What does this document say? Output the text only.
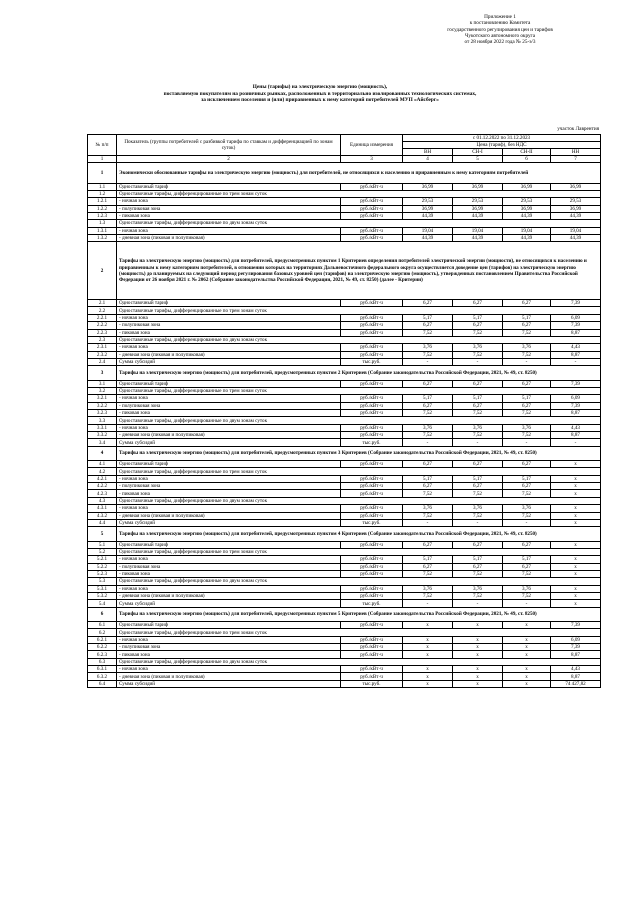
Приложение 1
к постановлению Комитета
государственного регулирования цен и тарифов
Чукотского автономного округа
от 28 ноября 2022 года № 25-э/3
Цены (тарифы) на электрическую энергию (мощность),
поставляемую покупателям на розничных рынках, расположенных в территориально изолированных технологических системах,
за исключением поселения и (или) приравненных к нему категорий потребителей МУП «Айсберг»
участок Лаврентия
№ п/п	Показатель (группы потребителей с разбивкой тарифа по ставкам и дифференциацией по зонам суток)	Единица измерения	с 01.12.2022 по 31.12.2023			
			Цена (тариф), без НДС			
			ВН	СН-I	СН-II	НН
1	2	3	4	5	6	7
1	Экономически обоснованные тарифы на электрическую энергию (мощность) для потребителей, не относящихся к населению и приравненным к нему категориям потребителей					
1.1	Одноставочный тариф	руб./кВт·ч	36,99	36,99	36,99	36,99
1.2	Одноставочные тарифы, дифференцированные по трем зонам суток					
1.2.1	- ночная зона	руб./кВт·ч	29,53	29,53	29,53	29,53
1.2.2	- полупиковая зона	руб./кВт·ч	36,99	36,99	36,99	36,99
1.2.3	- пиковая зона	руб./кВт·ч	44,39	44,39	44,39	44,39
1.3	Одноставочные тарифы, дифференцированные по двум зонам суток					
1.3.1	- ночная зона	руб./кВт·ч	19,04	19,04	19,04	19,04
1.3.2	- дневная зона (пиковая и полупиковая)	руб./кВт·ч	44,39	44,39	44,39	44,39
2	Тарифы на электрическую энергию (мощность) для потребителей, предусмотренных пунктом 1 Критериев определения потребителей электрической энергии (мощности), не относящихся к населению и приравненным к нему категориям потребителей, в отношении которых на территориях Дальневосточного федерального округа осуществляется доведение цен (тарифов) на электрическую энергию (мощность) до планируемых на следующий период регулирования базовых уровней цен (тарифов) на электрическую энергию (мощность), утвержденных постановлением Правительства Российской Федерации от 26 ноября 2021 г. № 2062 (Собрание законодательства Российской Федерации, 2021, № 49, ст. 8250) (далее - Критерии)					
2.1	Одноставочный тариф	руб./кВт·ч	6,27	6,27	6,27	7,39
2.2	Одноставочные тарифы, дифференцированные по трем зонам суток					
2.2.1	- ночная зона	руб./кВт·ч	5,17	5,17	5,17	6,09
2.2.2	- полупиковая зона	руб./кВт·ч	6,27	6,27	6,27	7,39
2.2.3	- пиковая зона	руб./кВт·ч	7,52	7,52	7,52	8,87
2.3	Одноставочные тарифы, дифференцированные по двум зонам суток					
2.3.1	- ночная зона	руб./кВт·ч	3,76	3,76	3,76	4,43
2.3.2	- дневная зона (пиковая и полупиковая)	руб./кВт·ч	7,52	7,52	7,52	8,87
2.4	Сумма субсидий	тыс.руб.	-	-	-	-
3	Тарифы на электрическую энергию (мощность) для потребителей, предусмотренных пунктом 2 Критериев (Собрание законодательства Российской Федерации, 2021, № 49, ст. 8250)					
3.1	Одноставочный тариф	руб./кВт·ч	6,27	6,27	6,27	7,39
3.2	Одноставочные тарифы, дифференцированные по трем зонам суток					
3.2.1	- ночная зона	руб./кВт·ч	5,17	5,17	5,17	6,09
3.2.2	- полупиковая зона	руб./кВт·ч	6,27	6,27	6,27	7,39
3.2.3	- пиковая зона	руб./кВт·ч	7,52	7,52	7,52	8,87
3.3	Одноставочные тарифы, дифференцированные по двум зонам суток					
3.3.1	- ночная зона	руб./кВт·ч	3,76	3,76	3,76	4,43
3.3.2	- дневная зона (пиковая и полупиковая)	руб./кВт·ч	7,52	7,52	7,52	8,87
3.4	Сумма субсидий	тыс.руб.	-	-	-	-
4	Тарифы на электрическую энергию (мощность) для потребителей, предусмотренных пунктом 3 Критериев (Собрание законодательства Российской Федерации, 2021, № 49, ст. 8250)					
4.1	Одноставочный тариф	руб./кВт·ч	6,27	6,27	6,27	х
4.2	Одноставочные тарифы, дифференцированные по трем зонам суток					
4.2.1	- ночная зона	руб./кВт·ч	5,17	5,17	5,17	х
4.2.2	- полупиковая зона	руб./кВт·ч	6,27	6,27	6,27	х
4.2.3	- пиковая зона	руб./кВт·ч	7,52	7,52	7,52	х
4.3	Одноставочные тарифы, дифференцированные по двум зонам суток					
4.3.1	- ночная зона	руб./кВт·ч	3,76	3,76	3,76	х
4.3.2	- дневная зона (пиковая и полупиковая)	руб./кВт·ч	7,52	7,52	7,52	х
4.4	Сумма субсидий	тыс.руб.	-	-	-	х
5	Тарифы на электрическую энергию (мощность) для потребителей, предусмотренных пунктом 4 Критериев (Собрание законодательства Российской Федерации, 2021, № 49, ст. 8250)					
5.1	Одноставочный тариф	руб./кВт·ч	6,27	6,27	6,27	х
5.2	Одноставочные тарифы, дифференцированные по трем зонам суток					
5.2.1	- ночная зона	руб./кВт·ч	5,17	5,17	5,17	х
5.2.2	- полупиковая зона	руб./кВт·ч	6,27	6,27	6,27	х
5.2.3	- пиковая зона	руб./кВт·ч	7,52	7,52	7,52	х
5.3	Одноставочные тарифы, дифференцированные по двум зонам суток					
5.3.1	- ночная зона	руб./кВт·ч	3,76	3,76	3,76	х
5.3.2	- дневная зона (пиковая и полупиковая)	руб./кВт·ч	7,52	7,52	7,52	х
5.4	Сумма субсидий	тыс.руб.	-	-	-	х
6	Тарифы на электрическую энергию (мощность) для потребителей, предусмотренных пунктом 5 Критериев (Собрание законодательства Российской Федерации, 2021, № 49, ст. 8250)					
6.1	Одноставочный тариф	руб./кВт·ч	х	х	х	7,39
6.2	Одноставочные тарифы, дифференцированные по трем зонам суток					
6.2.1	- ночная зона	руб./кВт·ч	х	х	х	6,09
6.2.2	- полупиковая зона	руб./кВт·ч	х	х	х	7,39
6.2.3	- пиковая зона	руб./кВт·ч	х	х	х	8,87
6.3	Одноставочные тарифы, дифференцированные по двум зонам суток					
6.3.1	- ночная зона	руб./кВт·ч	х	х	х	4,43
6.3.2	- дневная зона (пиковая и полупиковая)	руб./кВт·ч	х	х	х	8,87
6.4	Сумма субсидий	тыс.руб.	х	х	х	74 427,82
